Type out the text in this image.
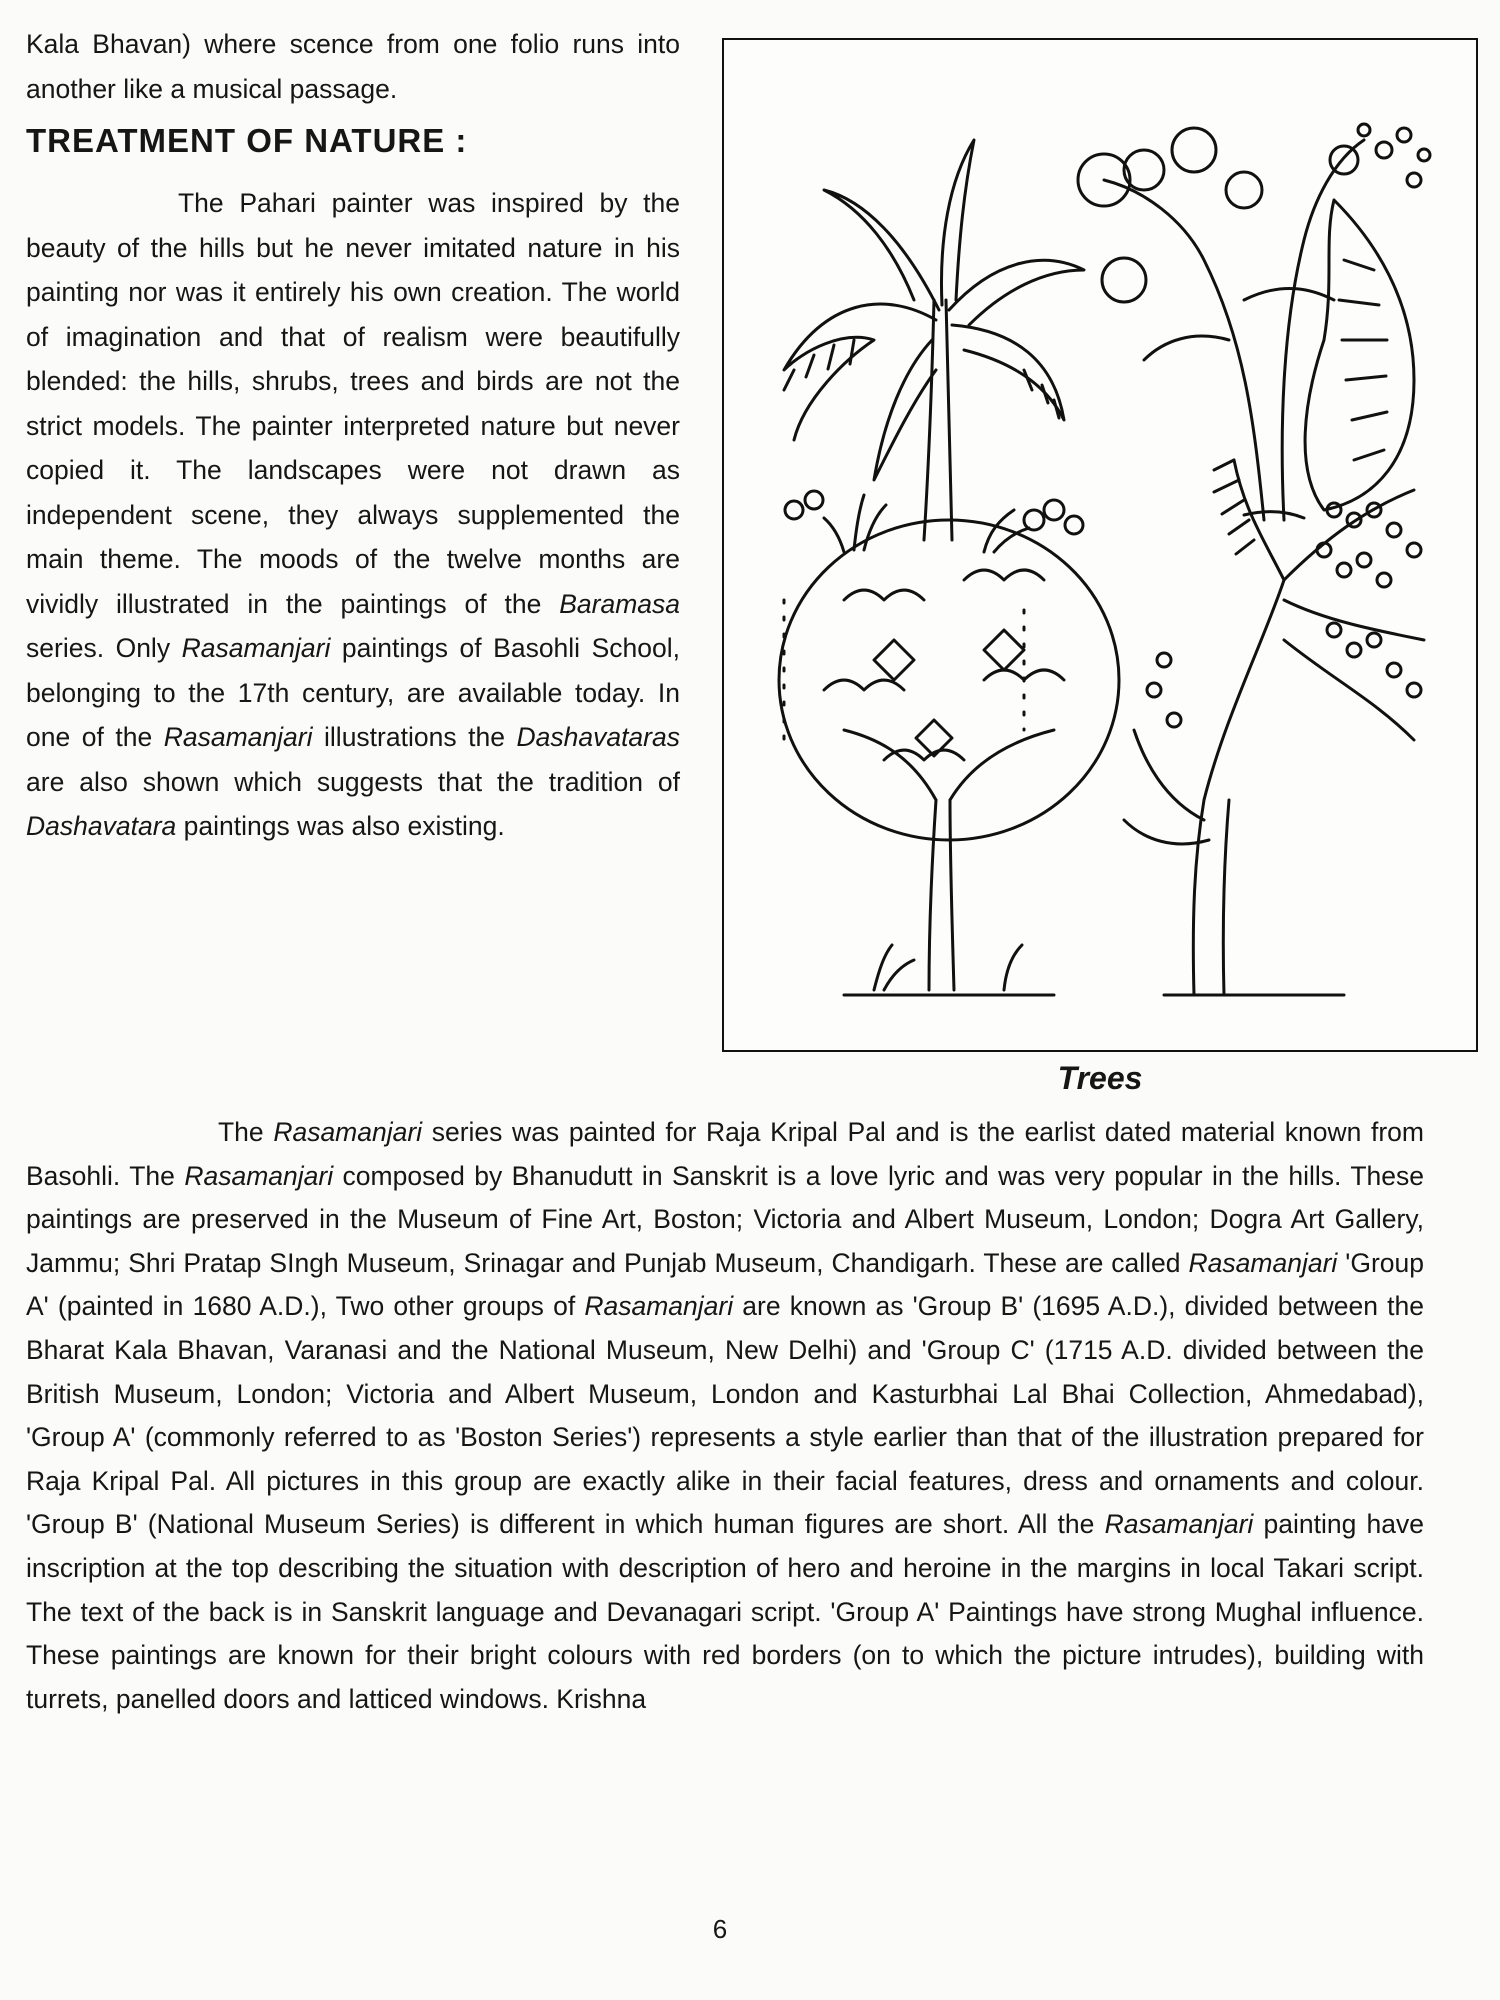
Kala Bhavan) where scence from one folio runs into another like a musical passage.

TREATMENT OF NATURE :

The Pahari painter was inspired by the beauty of the hills but he never imitated nature in his painting nor was it entirely his own creation. The world of imagination and that of realism were beautifully blended: the hills, shrubs, trees and birds are not the strict models. The painter interpreted nature but never copied it. The landscapes were not drawn as independent scene, they always supplemented the main theme. The moods of the twelve months are vividly illustrated in the paintings of the Baramasa series. Only Rasamanjari paintings of Basohli School, belonging to the 17th century, are available today. In one of the Rasamanjari illustrations the Dashavataras are also shown which suggests that the tradition of Dashavatara paintings was also existing.

Trees

The Rasamanjari series was painted for Raja Kripal Pal and is the earlist dated material known from Basohli. The Rasamanjari composed by Bhanudutt in Sanskrit is a love lyric and was very popular in the hills. These paintings are preserved in the Museum of Fine Art, Boston; Victoria and Albert Museum, London; Dogra Art Gallery, Jammu; Shri Pratap SIngh Museum, Srinagar and Punjab Museum, Chandigarh. These are called Rasamanjari 'Group A' (painted in 1680 A.D.), Two other groups of Rasamanjari are known as 'Group B' (1695 A.D.), divided between the Bharat Kala Bhavan, Varanasi and the National Museum, New Delhi) and 'Group C' (1715 A.D. divided between the British Museum, London; Victoria and Albert Museum, London and Kasturbhai Lal Bhai Collection, Ahmedabad), 'Group A' (commonly referred to as 'Boston Series') represents a style earlier than that of the illustration prepared for Raja Kripal Pal. All pictures in this group are exactly alike in their facial features, dress and ornaments and colour. 'Group B' (National Museum Series) is different in which human figures are short. All the Rasamanjari painting have inscription at the top describing the situation with description of hero and heroine in the margins in local Takari script. The text of the back is in Sanskrit language and Devanagari script. 'Group A' Paintings have strong Mughal influence. These paintings are known for their bright colours with red borders (on to which the picture intrudes), building with turrets, panelled doors and latticed windows. Krishna

6
